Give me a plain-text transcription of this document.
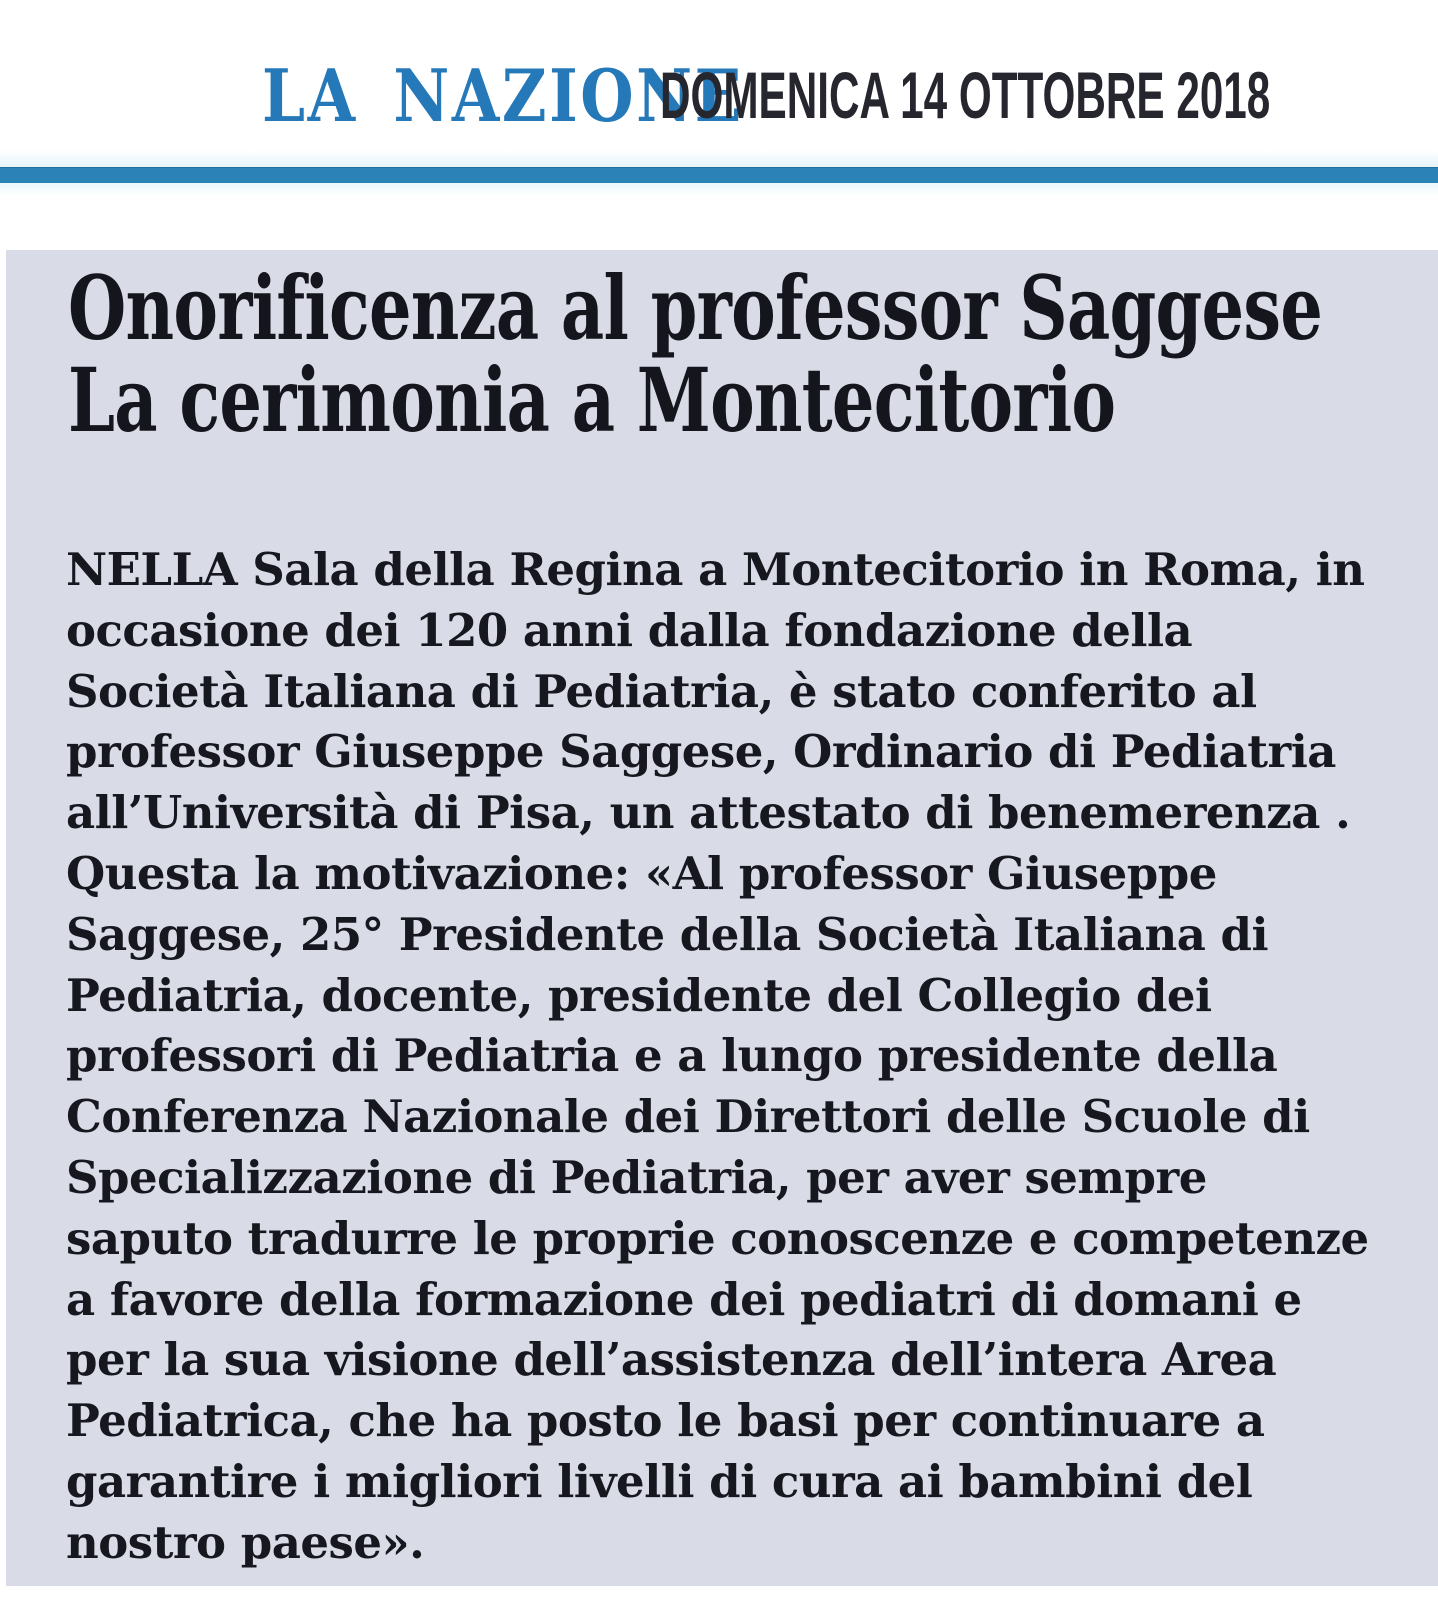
LA NAZIONE
DOMENICA 14 OTTOBRE 2018
Onorificenza al professor Saggese
La cerimonia a Montecitorio
NELLA Sala della Regina a Montecitorio in Roma, in
occasione dei 120 anni dalla fondazione della
Società Italiana di Pediatria, è stato conferito al
professor Giuseppe Saggese, Ordinario di Pediatria
all’Università di Pisa, un attestato di benemerenza .
Questa la motivazione: «Al professor Giuseppe
Saggese, 25° Presidente della Società Italiana di
Pediatria, docente, presidente del Collegio dei
professori di Pediatria e a lungo presidente della
Conferenza Nazionale dei Direttori delle Scuole di
Specializzazione di Pediatria, per aver sempre
saputo tradurre le proprie conoscenze e competenze
a favore della formazione dei pediatri di domani e
per la sua visione dell’assistenza dell’intera Area
Pediatrica, che ha posto le basi per continuare a
garantire i migliori livelli di cura ai bambini del
nostro paese».
